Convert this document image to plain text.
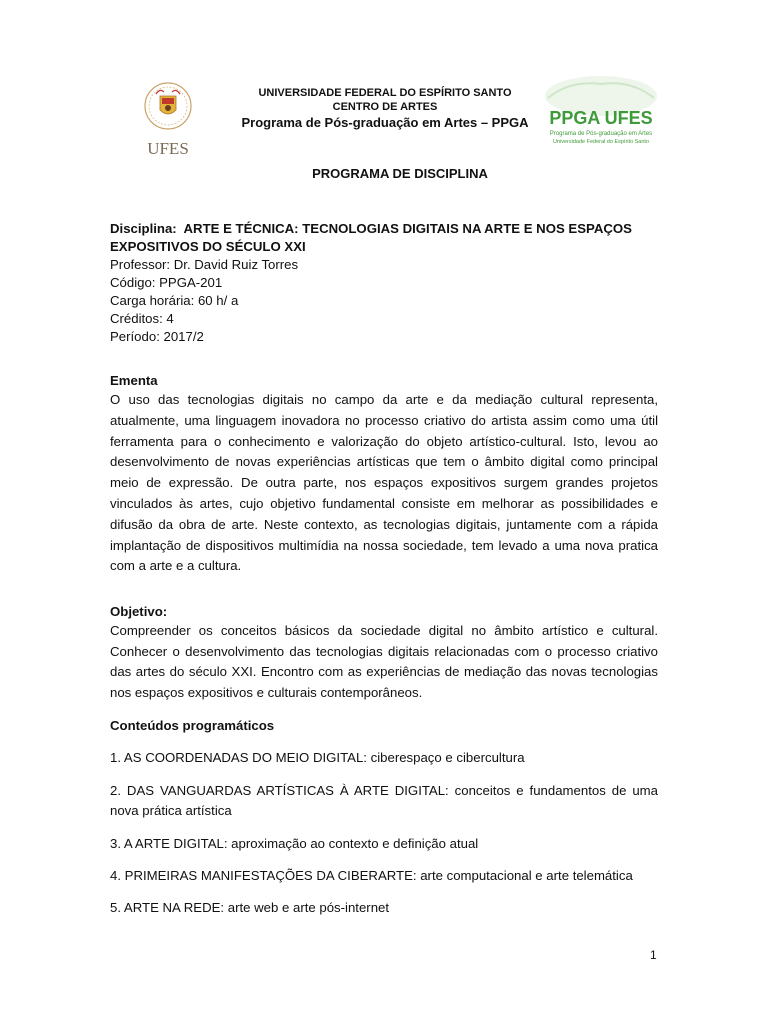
UFES
UNIVERSIDADE FEDERAL DO ESPÍRITO SANTO
CENTRO DE ARTES
Programa de Pós-graduação em Artes – PPGA	PPGA UFES
Programa de Pós-graduação em Artes
Universidade Federal do Espírito Santo
PROGRAMA DE DISCIPLINA
Disciplina: ARTE E TÉCNICA: TECNOLOGIAS DIGITAIS NA ARTE E NOS ESPAÇOS
EXPOSITIVOS DO SÉCULO XXI
Professor: Dr. David Ruiz Torres
Código: PPGA-201
Carga horária: 60 h/ a
Créditos: 4
Período: 2017/2
Ementa

O uso das tecnologias digitais no campo da arte e da mediação cultural representa, atualmente, uma linguagem inovadora no processo criativo do artista assim como uma útil ferramenta para o conhecimento e valorização do objeto artístico-cultural. Isto, levou ao desenvolvimento de novas experiências artísticas que tem o âmbito digital como principal meio de expressão. De outra parte, nos espaços expositivos surgem grandes projetos vinculados às artes, cujo objetivo fundamental consiste em melhorar as possibilidades e difusão da obra de arte. Neste contexto, as tecnologias digitais, juntamente com a rápida implantação de dispositivos multimídia na nossa sociedade, tem levado a uma nova pratica com a arte e a cultura.

Objetivo:

Compreender os conceitos básicos da sociedade digital no âmbito artístico e cultural. Conhecer o desenvolvimento das tecnologias digitais relacionadas com o processo criativo das artes do século XXI. Encontro com as experiências de mediação das novas tecnologias nos espaços expositivos e culturais contemporâneos.

Conteúdos programáticos
1. AS COORDENADAS DO MEIO DIGITAL: ciberespaço e cibercultura
2. DAS VANGUARDAS ARTÍSTICAS À ARTE DIGITAL: conceitos e fundamentos de uma nova prática artística
3. A ARTE DIGITAL: aproximação ao contexto e definição atual
4. PRIMEIRAS MANIFESTAÇÕES DA CIBERARTE: arte computacional e arte telemática
5. ARTE NA REDE: arte web e arte pós-internet
1
